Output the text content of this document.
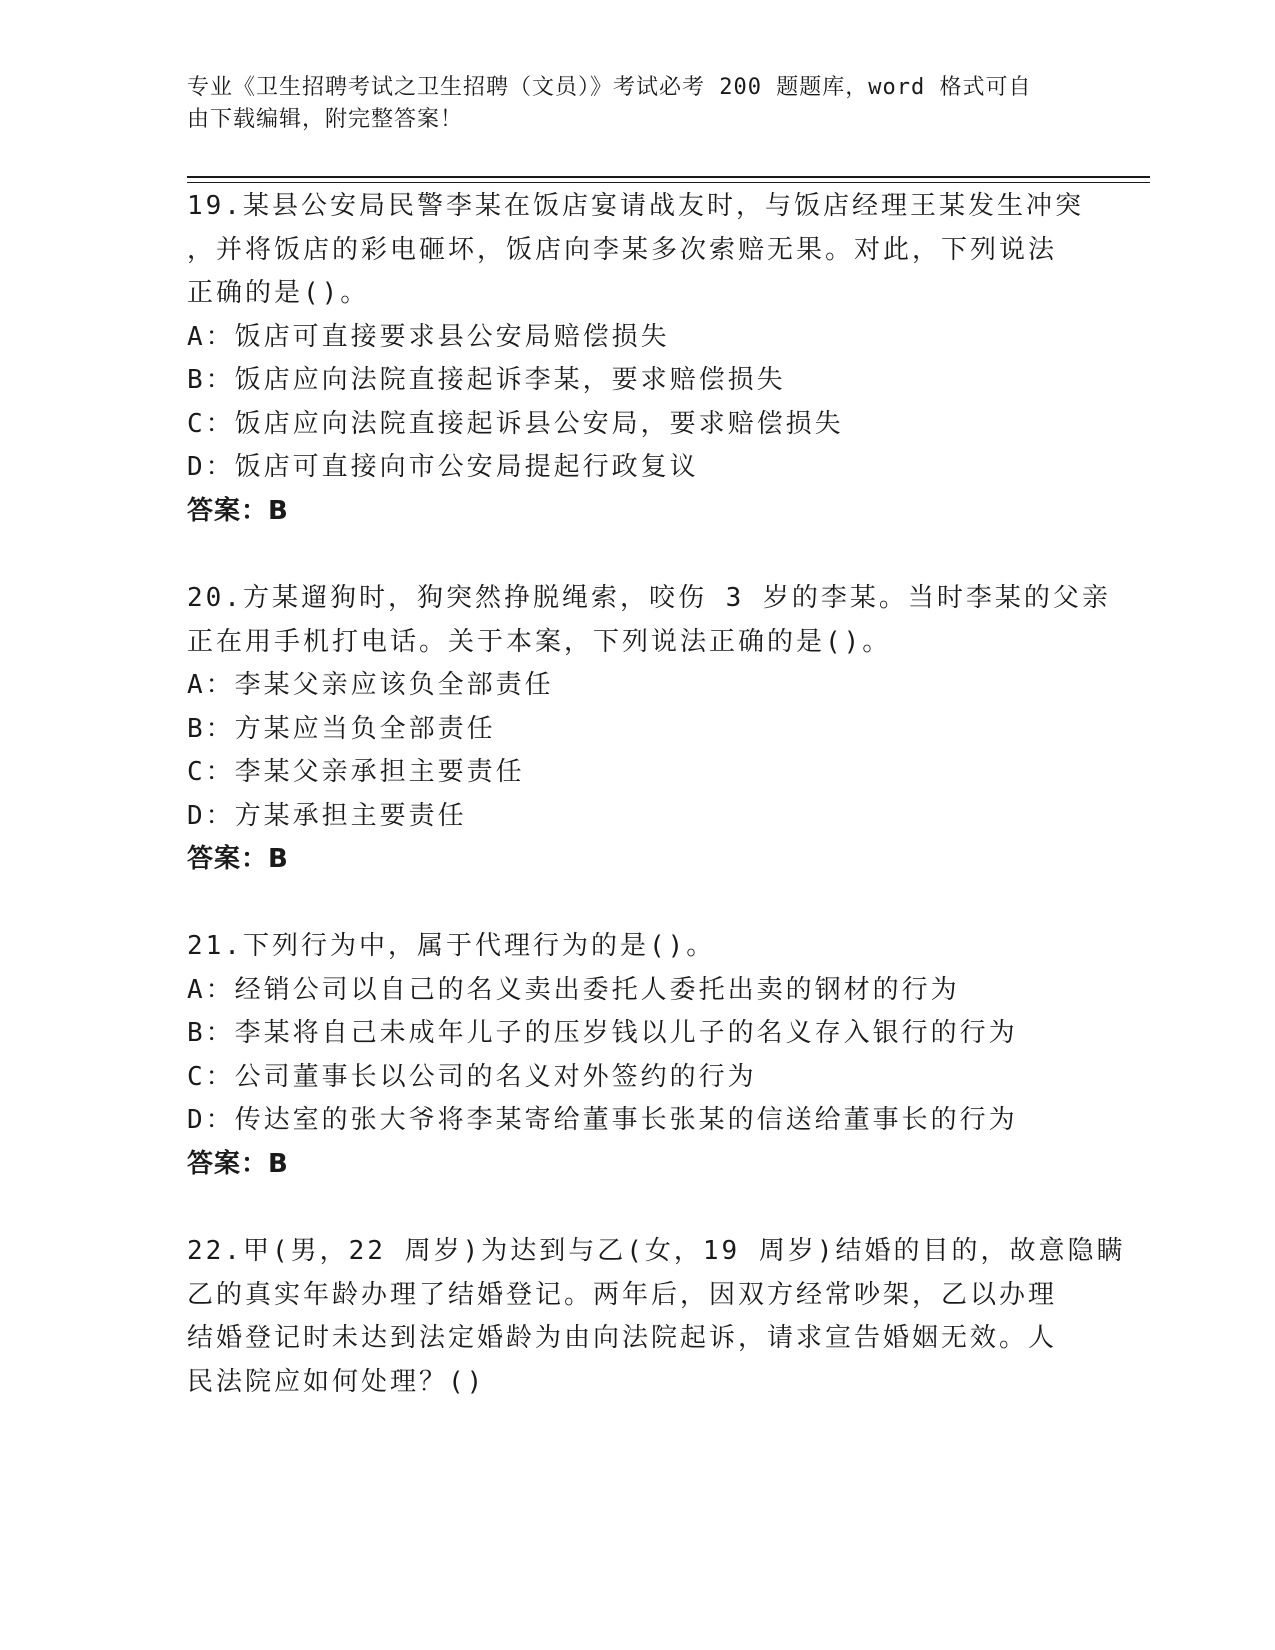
专业《卫生招聘考试之卫生招聘（文员）》考试必考 200 题题库，word 格式可自
由下载编辑，附完整答案！
19.某县公安局民警李某在饭店宴请战友时，与饭店经理王某发生冲突
，并将饭店的彩电砸坏，饭店向李某多次索赔无果。对此，下列说法
正确的是()。
A：饭店可直接要求县公安局赔偿损失
B：饭店应向法院直接起诉李某，要求赔偿损失
C：饭店应向法院直接起诉县公安局，要求赔偿损失
D：饭店可直接向市公安局提起行政复议
答案：B
20.方某遛狗时，狗突然挣脱绳索，咬伤 3 岁的李某。当时李某的父亲
正在用手机打电话。关于本案，下列说法正确的是()。
A：李某父亲应该负全部责任
B：方某应当负全部责任
C：李某父亲承担主要责任
D：方某承担主要责任
答案：B
21.下列行为中，属于代理行为的是()。
A：经销公司以自己的名义卖出委托人委托出卖的钢材的行为
B：李某将自己未成年儿子的压岁钱以儿子的名义存入银行的行为
C：公司董事长以公司的名义对外签约的行为
D：传达室的张大爷将李某寄给董事长张某的信送给董事长的行为
答案：B
22.甲(男，22 周岁)为达到与乙(女，19 周岁)结婚的目的，故意隐瞒
乙的真实年龄办理了结婚登记。两年后，因双方经常吵架，乙以办理
结婚登记时未达到法定婚龄为由向法院起诉，请求宣告婚姻无效。人
民法院应如何处理？()
